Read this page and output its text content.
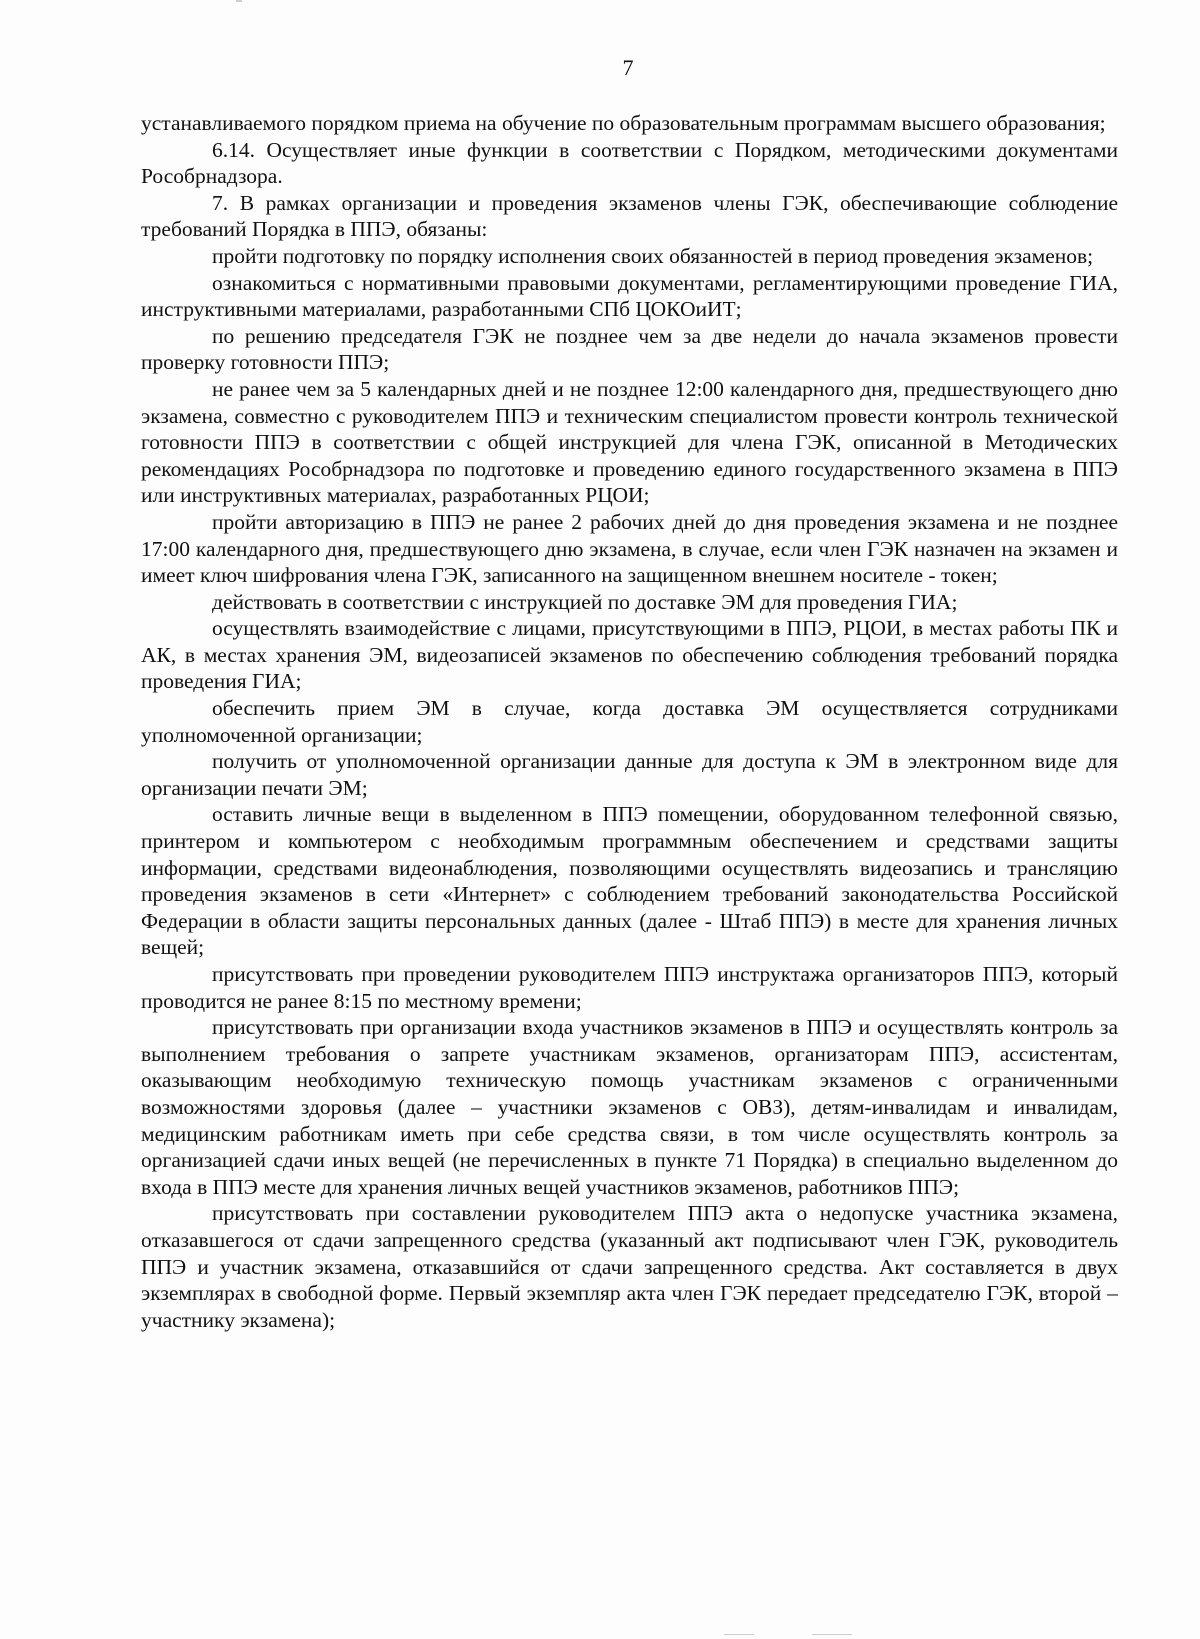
7

устанавливаемого порядком приема на обучение по образовательным программам высшего образования;

6.14. Осуществляет иные функции в соответствии с Порядком, методическими документами Рособрнадзора.

7. В рамках организации и проведения экзаменов члены ГЭК, обеспечивающие соблюдение требований Порядка в ППЭ, обязаны:

пройти подготовку по порядку исполнения своих обязанностей в период проведения экзаменов;

ознакомиться с нормативными правовыми документами, регламентирующими проведение ГИА, инструктивными материалами, разработанными СПб ЦОКОиИТ;

по решению председателя ГЭК не позднее чем за две недели до начала экзаменов провести проверку готовности ППЭ;

не ранее чем за 5 календарных дней и не позднее 12:00 календарного дня, предшествующего дню экзамена, совместно с руководителем ППЭ и техническим специалистом провести контроль технической готовности ППЭ в соответствии с общей инструкцией для члена ГЭК, описанной в Методических рекомендациях Рособрнадзора по подготовке и проведению единого государственного экзамена в ППЭ или инструктивных материалах, разработанных РЦОИ;

пройти авторизацию в ППЭ не ранее 2 рабочих дней до дня проведения экзамена и не позднее 17:00 календарного дня, предшествующего дню экзамена, в случае, если член ГЭК назначен на экзамен и имеет ключ шифрования члена ГЭК, записанного на защищенном внешнем носителе - токен;

действовать в соответствии с инструкцией по доставке ЭМ для проведения ГИА;

осуществлять взаимодействие с лицами, присутствующими в ППЭ, РЦОИ, в местах работы ПК и АК, в местах хранения ЭМ, видеозаписей экзаменов по обеспечению соблюдения требований порядка проведения ГИА;

обеспечить прием ЭМ в случае, когда доставка ЭМ осуществляется сотрудниками уполномоченной организации;

получить от уполномоченной организации данные для доступа к ЭМ в электронном виде для организации печати ЭМ;

оставить личные вещи в выделенном в ППЭ помещении, оборудованном телефонной связью, принтером и компьютером с необходимым программным обеспечением и средствами защиты информации, средствами видеонаблюдения, позволяющими осуществлять видеозапись и трансляцию проведения экзаменов в сети «Интернет» с соблюдением требований законодательства Российской Федерации в области защиты персональных данных (далее - Штаб ППЭ) в месте для хранения личных вещей;

присутствовать при проведении руководителем ППЭ инструктажа организаторов ППЭ, который проводится не ранее 8:15 по местному времени;

присутствовать при организации входа участников экзаменов в ППЭ и осуществлять контроль за выполнением требования о запрете участникам экзаменов, организаторам ППЭ, ассистентам, оказывающим необходимую техническую помощь участникам экзаменов с ограниченными возможностями здоровья (далее – участники экзаменов с ОВЗ), детям-инвалидам и инвалидам, медицинским работникам иметь при себе средства связи, в том числе осуществлять контроль за организацией сдачи иных вещей (не перечисленных в пункте 71 Порядка) в специально выделенном до входа в ППЭ месте для хранения личных вещей участников экзаменов, работников ППЭ;

присутствовать при составлении руководителем ППЭ акта о недопуске участника экзамена, отказавшегося от сдачи запрещенного средства (указанный акт подписывают член ГЭК, руководитель ППЭ и участник экзамена, отказавшийся от сдачи запрещенного средства. Акт составляется в двух экземплярах в свободной форме. Первый экземпляр акта член ГЭК передает председателю ГЭК, второй – участнику экзамена);
